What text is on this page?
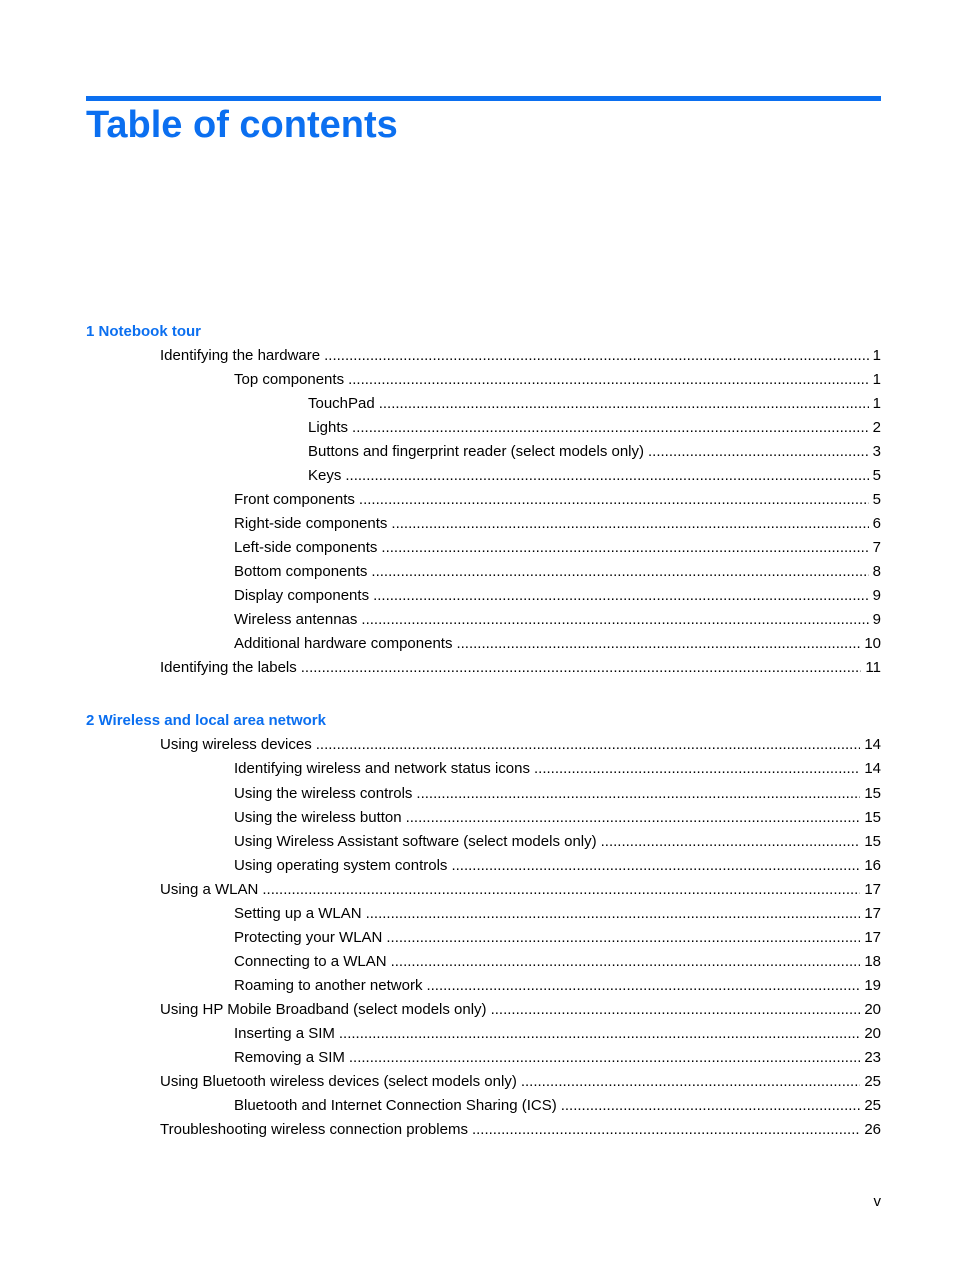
Table of contents
1 Notebook tour
Identifying the hardware .....	1
Top components .....	1
TouchPad .....	1
Lights .....	2
Buttons and fingerprint reader (select models only) .....	3
Keys .....	5
Front components .....	5
Right-side components .....	6
Left-side components .....	7
Bottom components .....	8
Display components .....	9
Wireless antennas .....	9
Additional hardware components .....	10
Identifying the labels .....	11
2 Wireless and local area network
Using wireless devices .....	14
Identifying wireless and network status icons .....	14
Using the wireless controls .....	15
Using the wireless button .....	15
Using Wireless Assistant software (select models only) .....	15
Using operating system controls .....	16
Using a WLAN .....	17
Setting up a WLAN .....	17
Protecting your WLAN .....	17
Connecting to a WLAN .....	18
Roaming to another network .....	19
Using HP Mobile Broadband (select models only) .....	20
Inserting a SIM .....	20
Removing a SIM .....	23
Using Bluetooth wireless devices (select models only) .....	25
Bluetooth and Internet Connection Sharing (ICS) .....	25
Troubleshooting wireless connection problems .....	26
v
